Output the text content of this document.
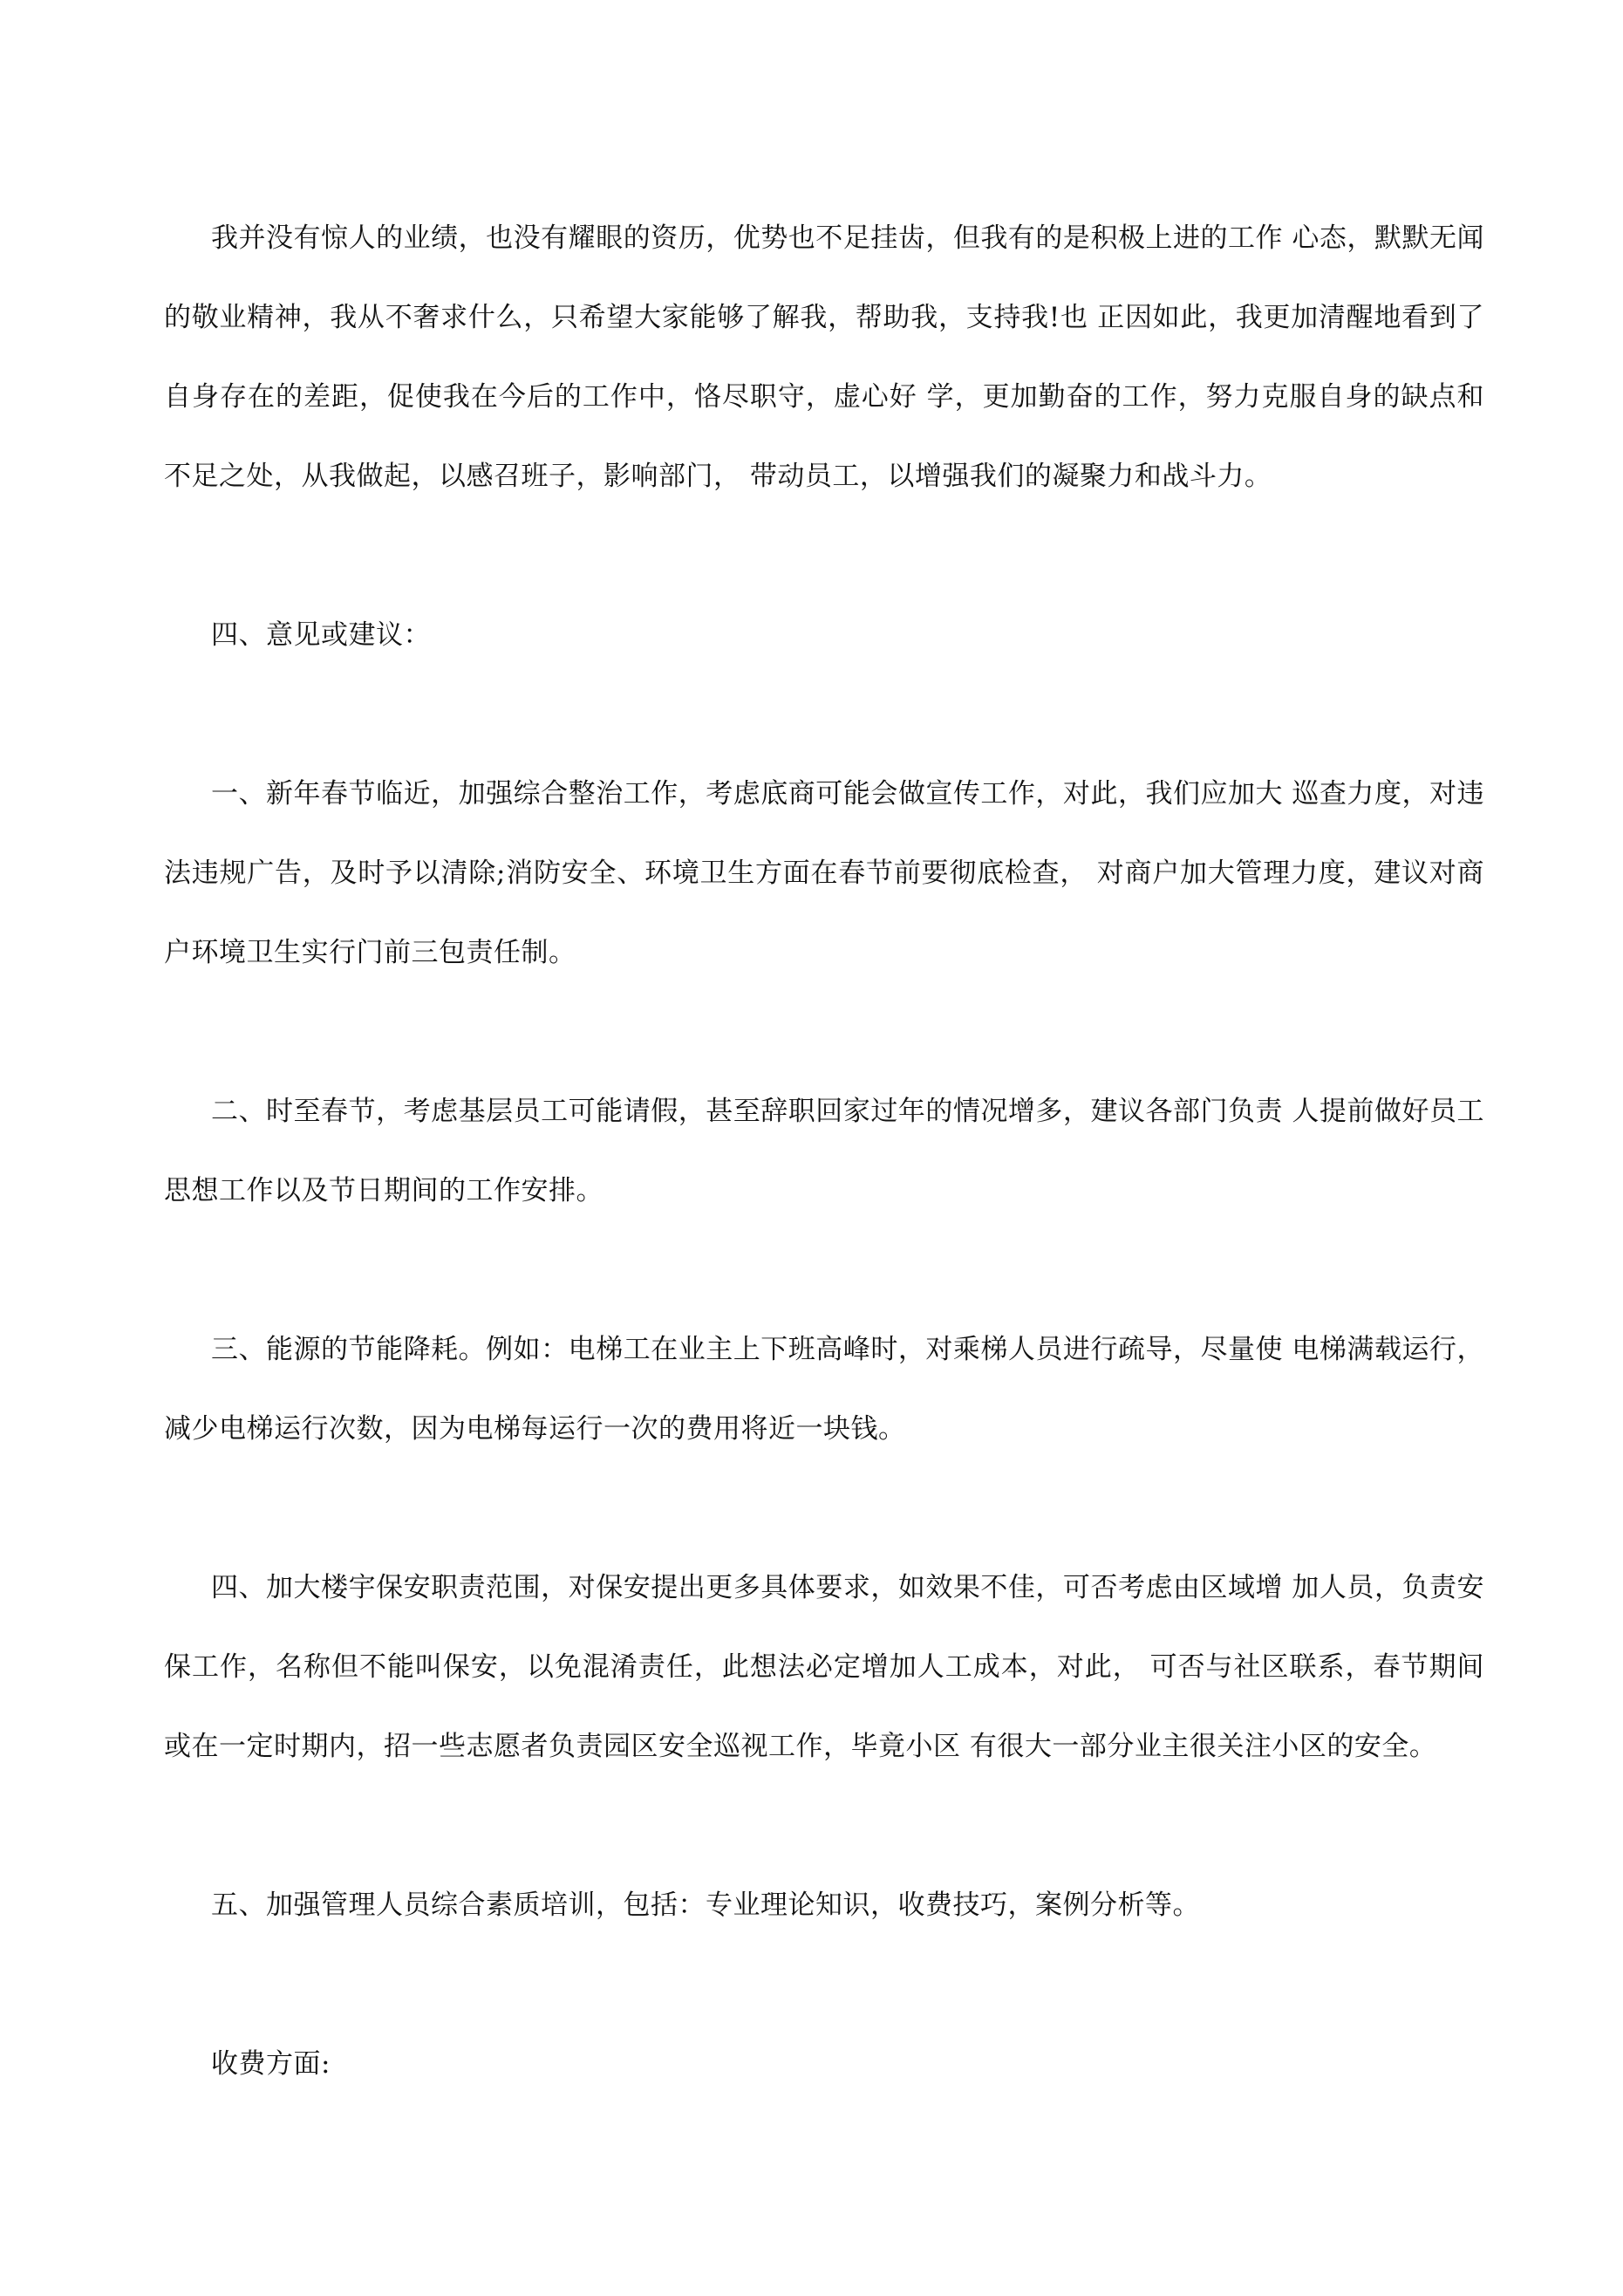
我并没有惊人的业绩，也没有耀眼的资历，优势也不足挂齿，但我有的是积极上进的工作 心态，默默无闻的敬业精神，我从不奢求什么，只希望大家能够了解我，帮助我，支持我!也 正因如此，我更加清醒地看到了自身存在的差距，促使我在今后的工作中，恪尽职守，虚心好 学，更加勤奋的工作，努力克服自身的缺点和不足之处，从我做起，以感召班子，影响部门， 带动员工，以增强我们的凝聚力和战斗力。

四、意见或建议：

一、新年春节临近，加强综合整治工作，考虑底商可能会做宣传工作，对此，我们应加大 巡查力度，对违法违规广告，及时予以清除;消防安全、环境卫生方面在春节前要彻底检查， 对商户加大管理力度，建议对商户环境卫生实行门前三包责任制。

二、时至春节，考虑基层员工可能请假，甚至辞职回家过年的情况增多，建议各部门负责 人提前做好员工思想工作以及节日期间的工作安排。

三、能源的节能降耗。例如：电梯工在业主上下班高峰时，对乘梯人员进行疏导，尽量使 电梯满载运行，减少电梯运行次数，因为电梯每运行一次的费用将近一块钱。

四、加大楼宇保安职责范围，对保安提出更多具体要求，如效果不佳，可否考虑由区域增 加人员，负责安保工作，名称但不能叫保安，以免混淆责任，此想法必定增加人工成本，对此， 可否与社区联系，春节期间或在一定时期内，招一些志愿者负责园区安全巡视工作，毕竟小区 有很大一部分业主很关注小区的安全。

五、加强管理人员综合素质培训，包括：专业理论知识，收费技巧，案例分析等。

收费方面:
